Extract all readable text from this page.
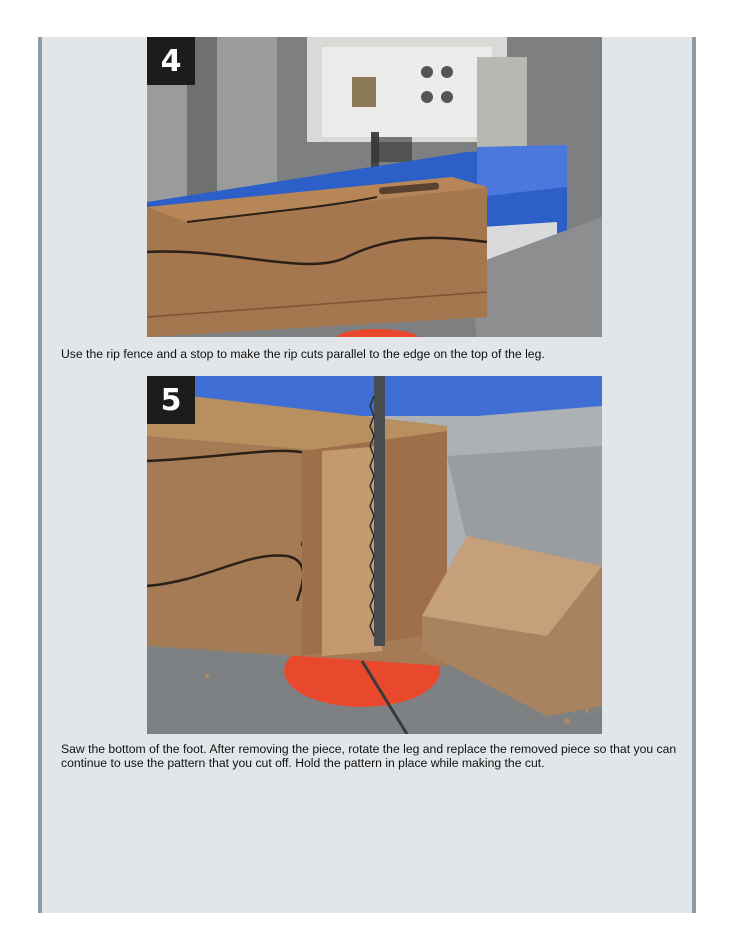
4
Use the rip fence and a stop to make the rip cuts parallel to the edge on the top of the leg.
5
Saw the bottom of the foot. After removing the piece, rotate the leg and replace the removed piece so that you can continue to use the pattern that you cut off. Hold the pattern in place while making the cut.
